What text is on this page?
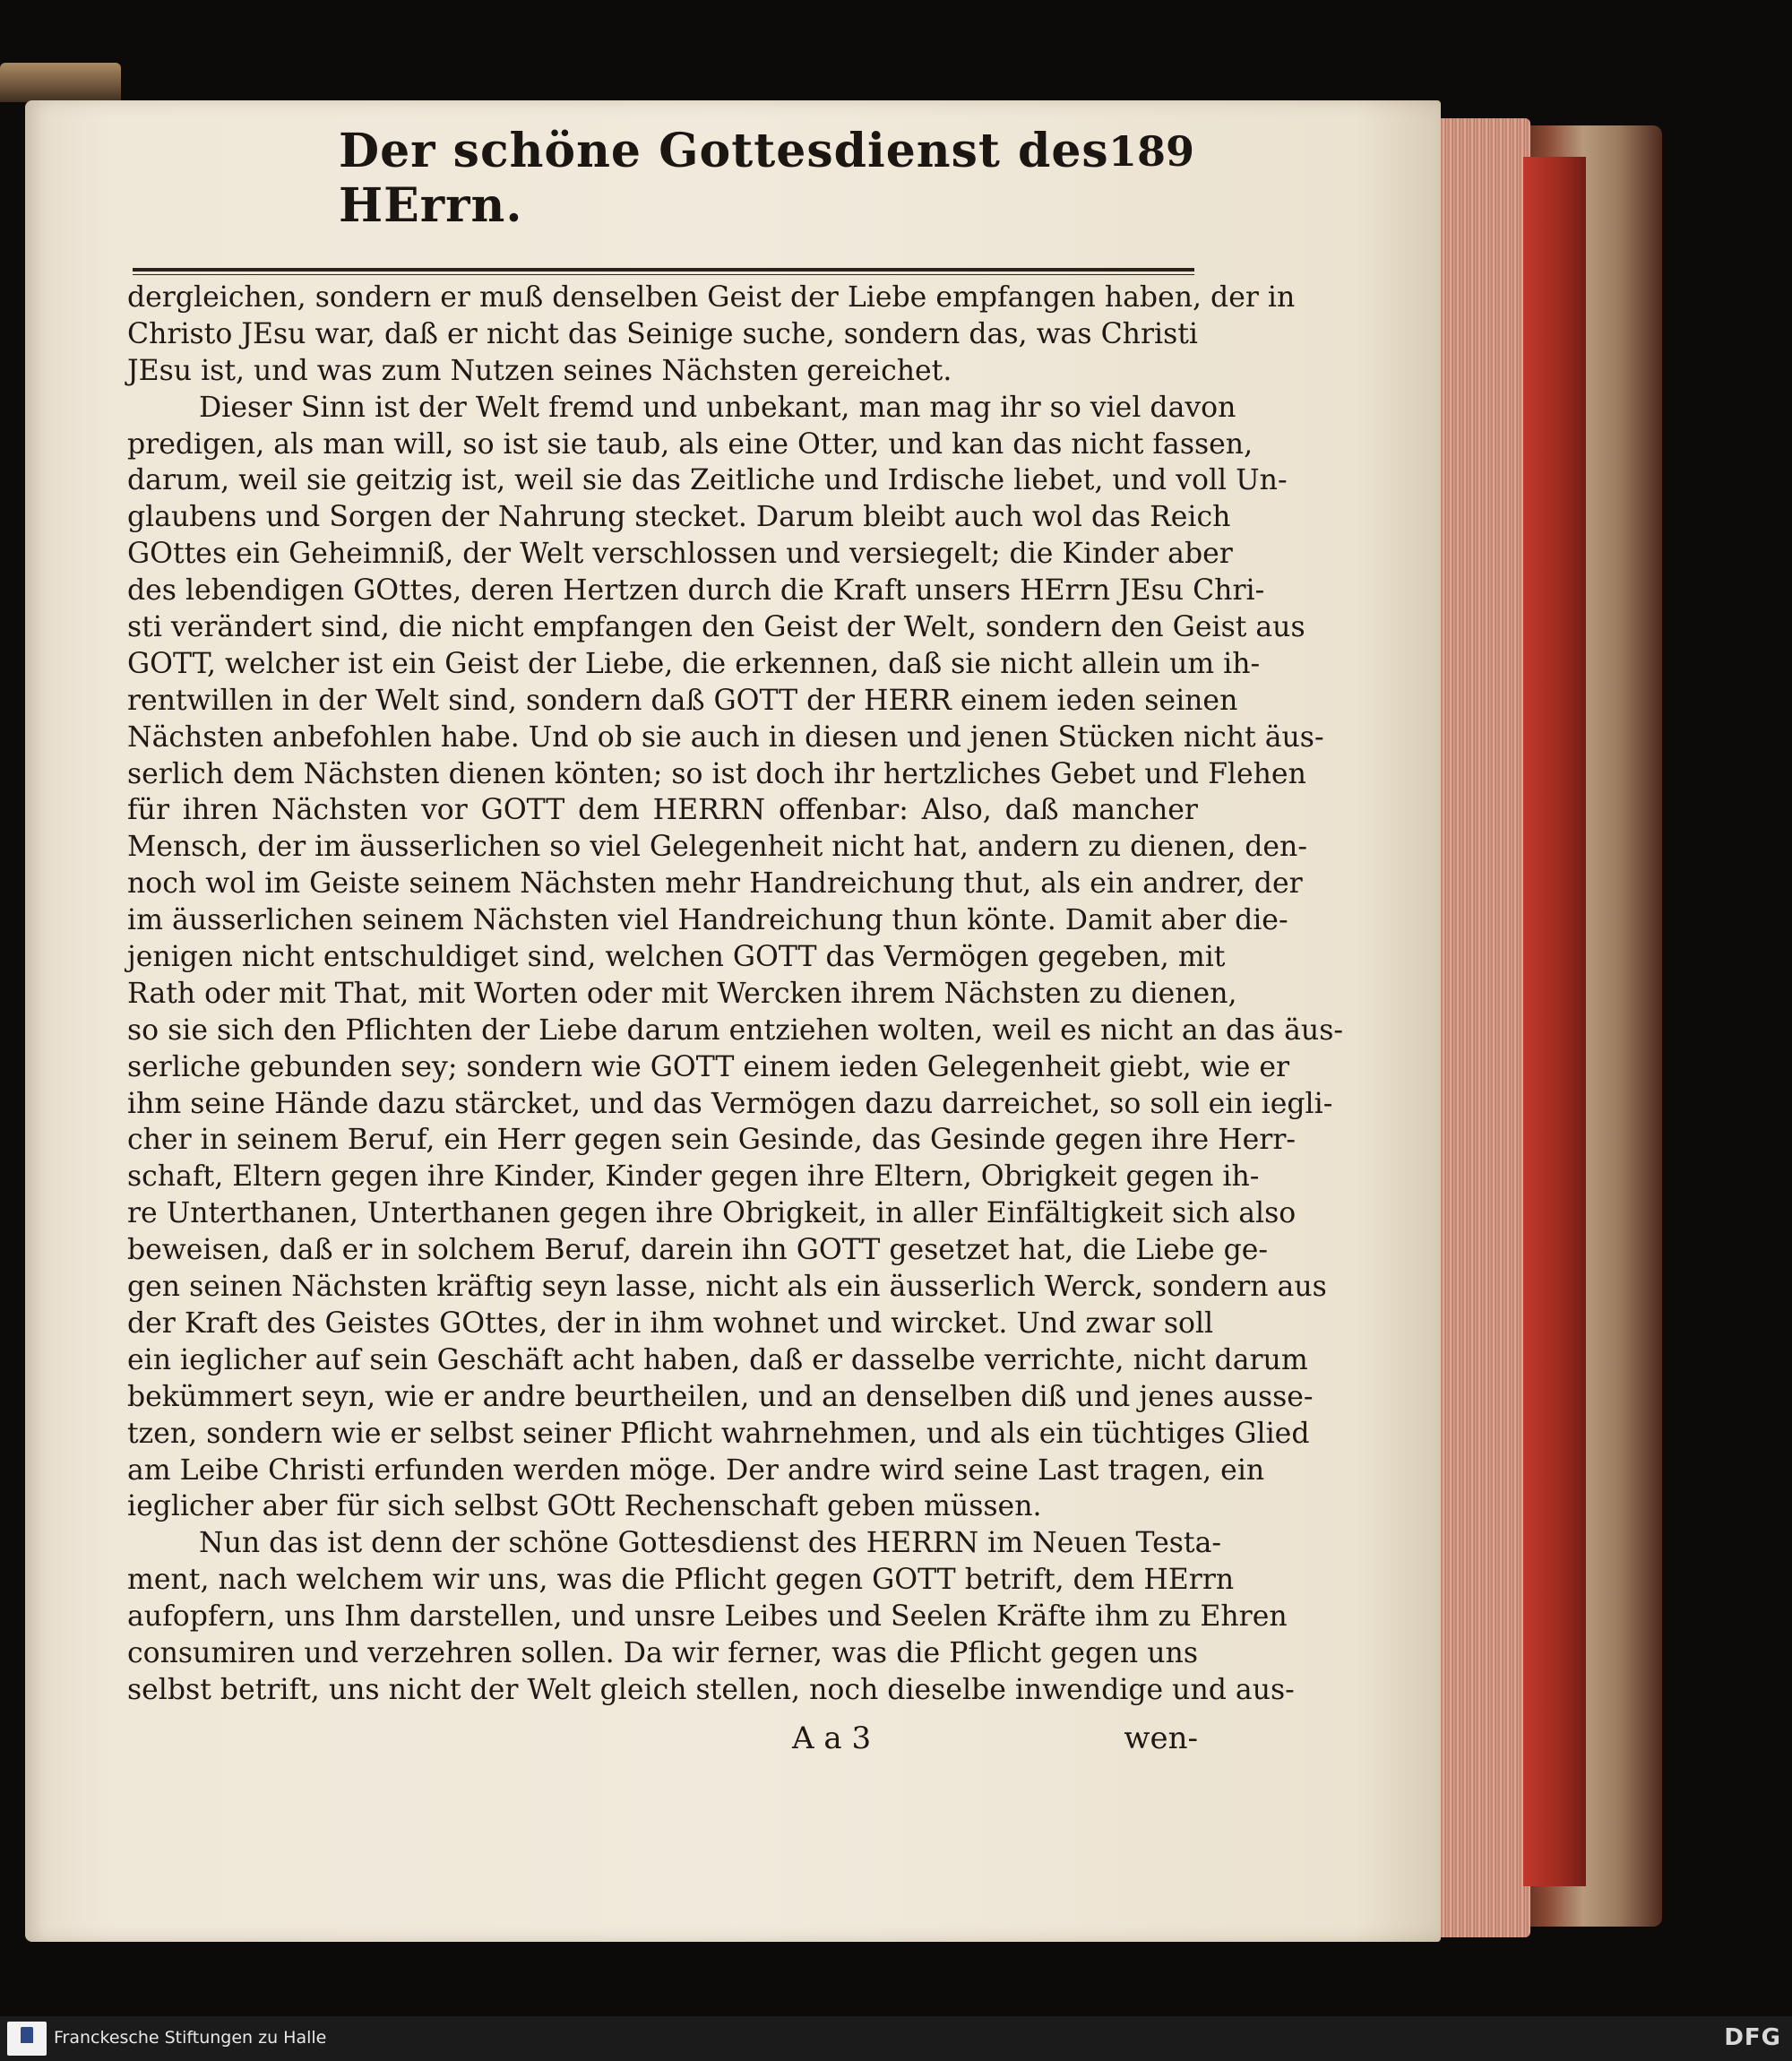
Der schöne Gottesdienst des HErrn.
189
dergleichen, sondern er muß denselben Geist der Liebe empfangen haben, der in
Christo JEsu war, daß er nicht das Seinige suche, sondern das, was Christi
JEsu ist, und was zum Nutzen seines Nächsten gereichet.
Dieser Sinn ist der Welt fremd und unbekant, man mag ihr so viel davon
predigen, als man will, so ist sie taub, als eine Otter, und kan das nicht fassen,
darum, weil sie geitzig ist, weil sie das Zeitliche und Irdische liebet, und voll Un-
glaubens und Sorgen der Nahrung stecket. Darum bleibt auch wol das Reich
GOttes ein Geheimniß, der Welt verschlossen und versiegelt; die Kinder aber
des lebendigen GOttes, deren Hertzen durch die Kraft unsers HErrn JEsu Chri-
sti verändert sind, die nicht empfangen den Geist der Welt, sondern den Geist aus
GOTT, welcher ist ein Geist der Liebe, die erkennen, daß sie nicht allein um ih-
rentwillen in der Welt sind, sondern daß GOTT der HERR einem ieden seinen
Nächsten anbefohlen habe. Und ob sie auch in diesen und jenen Stücken nicht äus-
serlich dem Nächsten dienen könten; so ist doch ihr hertzliches Gebet und Flehen
für ihren Nächsten vor GOTT dem HERRN offenbar: Also, daß mancher
Mensch, der im äusserlichen so viel Gelegenheit nicht hat, andern zu dienen, den-
noch wol im Geiste seinem Nächsten mehr Handreichung thut, als ein andrer, der
im äusserlichen seinem Nächsten viel Handreichung thun könte. Damit aber die-
jenigen nicht entschuldiget sind, welchen GOTT das Vermögen gegeben, mit
Rath oder mit That, mit Worten oder mit Wercken ihrem Nächsten zu dienen,
so sie sich den Pflichten der Liebe darum entziehen wolten, weil es nicht an das äus-
serliche gebunden sey; sondern wie GOTT einem ieden Gelegenheit giebt, wie er
ihm seine Hände dazu stärcket, und das Vermögen dazu darreichet, so soll ein iegli-
cher in seinem Beruf, ein Herr gegen sein Gesinde, das Gesinde gegen ihre Herr-
schaft, Eltern gegen ihre Kinder, Kinder gegen ihre Eltern, Obrigkeit gegen ih-
re Unterthanen, Unterthanen gegen ihre Obrigkeit, in aller Einfältigkeit sich also
beweisen, daß er in solchem Beruf, darein ihn GOTT gesetzet hat, die Liebe ge-
gen seinen Nächsten kräftig seyn lasse, nicht als ein äusserlich Werck, sondern aus
der Kraft des Geistes GOttes, der in ihm wohnet und wircket. Und zwar soll
ein ieglicher auf sein Geschäft acht haben, daß er dasselbe verrichte, nicht darum
bekümmert seyn, wie er andre beurtheilen, und an denselben diß und jenes ausse-
tzen, sondern wie er selbst seiner Pflicht wahrnehmen, und als ein tüchtiges Glied
am Leibe Christi erfunden werden möge. Der andre wird seine Last tragen, ein
ieglicher aber für sich selbst GOtt Rechenschaft geben müssen.
Nun das ist denn der schöne Gottesdienst des HERRN im Neuen Testa-
ment, nach welchem wir uns, was die Pflicht gegen GOTT betrift, dem HErrn
aufopfern, uns Ihm darstellen, und unsre Leibes und Seelen Kräfte ihm zu Ehren
consumiren und verzehren sollen. Da wir ferner, was die Pflicht gegen uns
selbst betrift, uns nicht der Welt gleich stellen, noch dieselbe inwendige und aus-
A a 3	wen-
Franckesche Stiftungen zu Halle	DFG
